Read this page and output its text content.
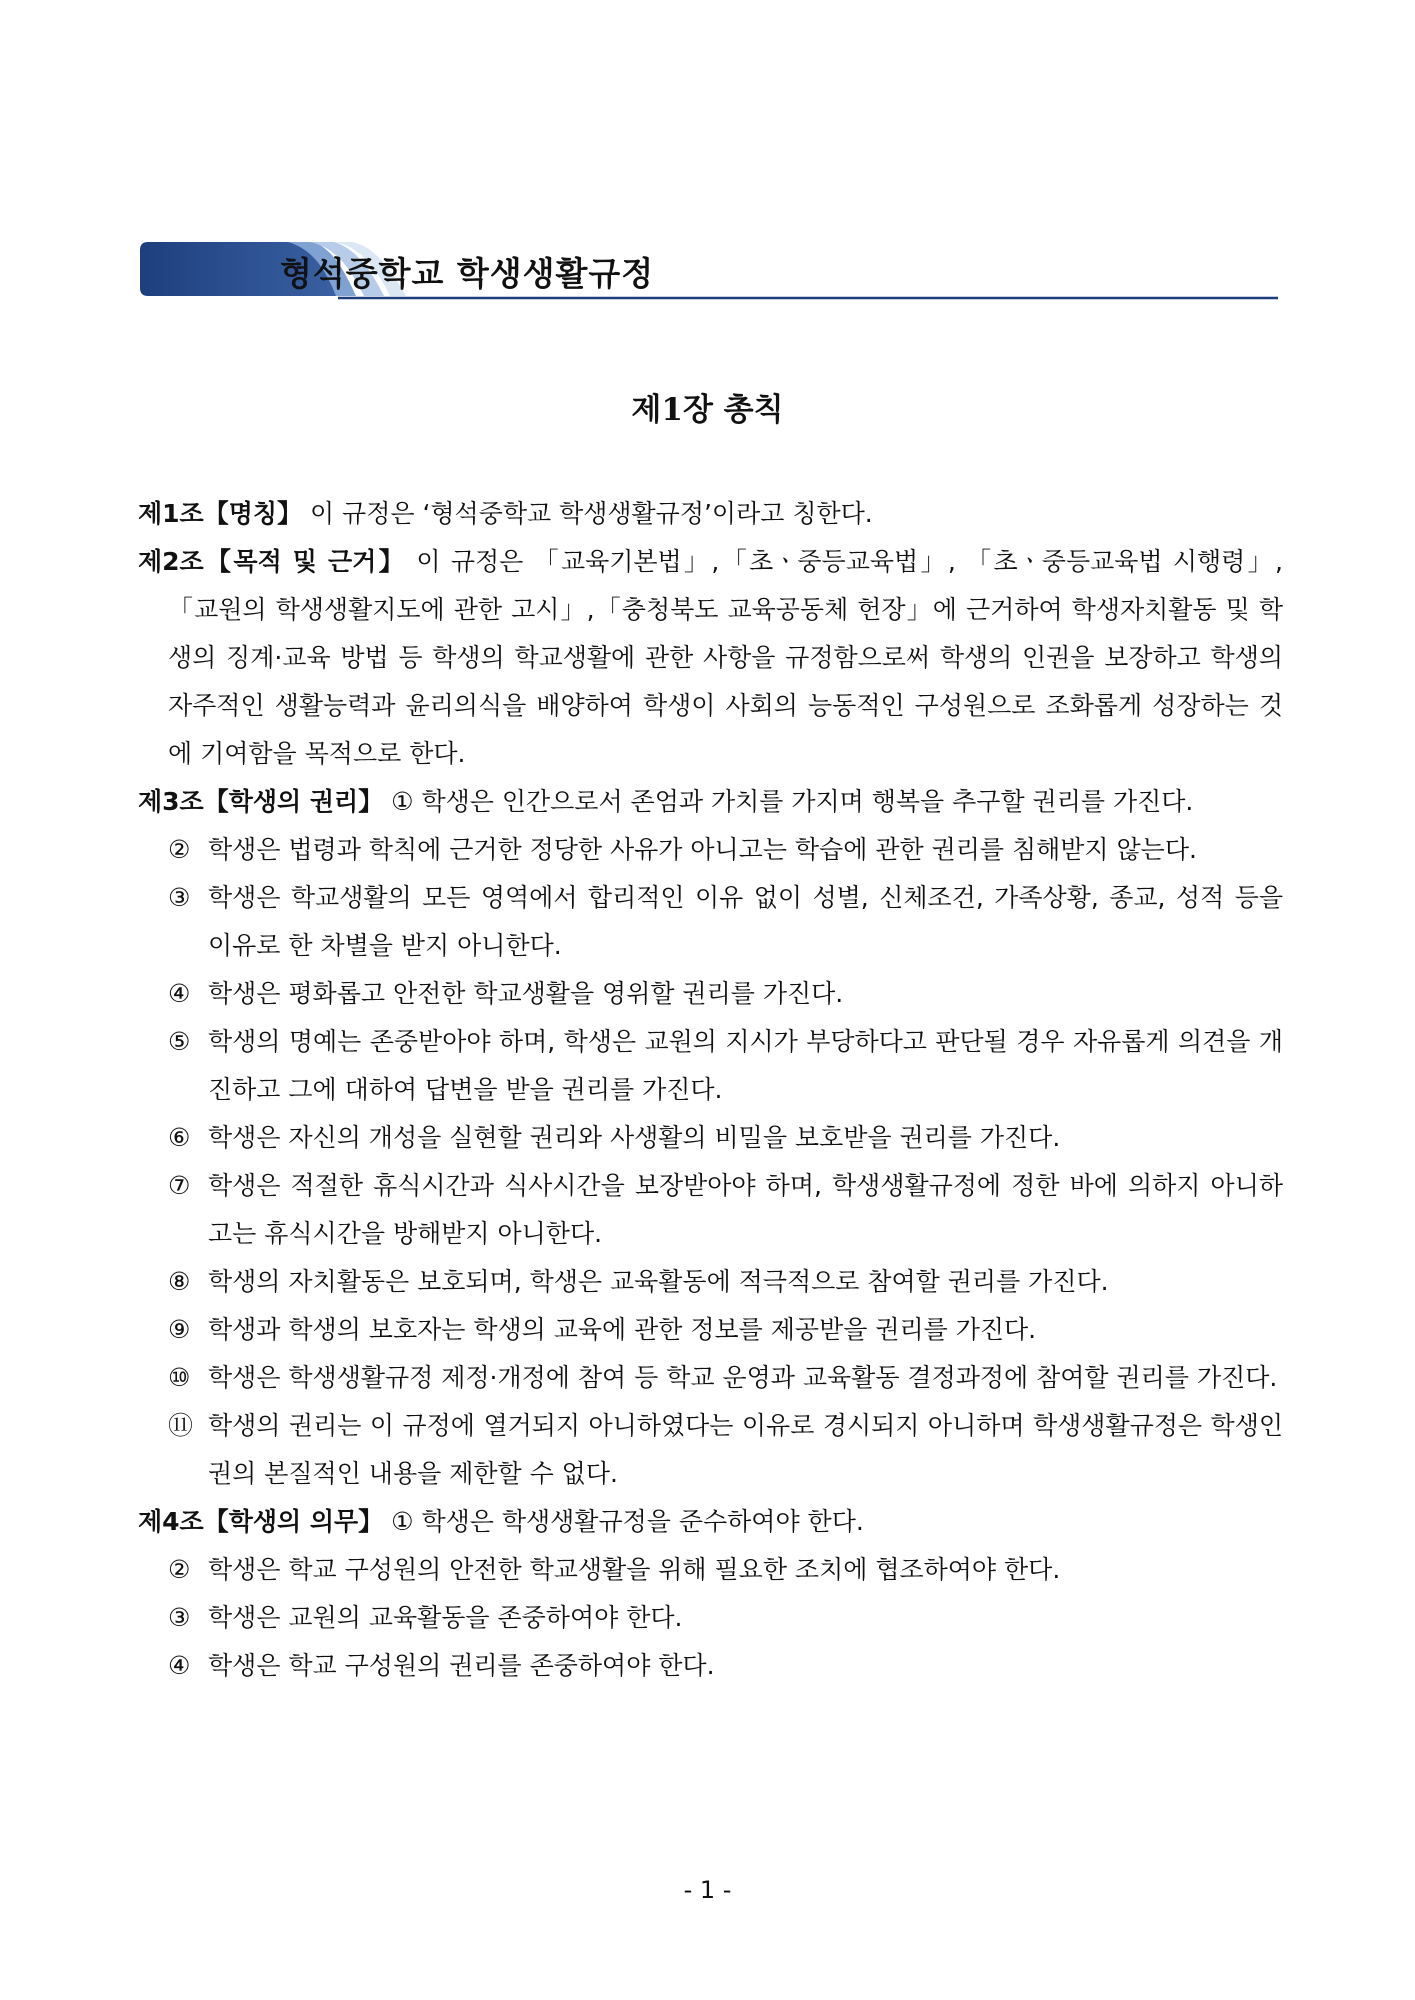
형석중학교 학생생활규정
제1장 총칙

제1조【명칭】 이 규정은 ‘형석중학교 학생생활규정’이라고 칭한다.

제2조【목적 및 근거】 이 규정은 「교육기본법」,「초ㆍ중등교육법」, 「초ㆍ중등교육법 시행령」, 「교원의 학생생활지도에 관한 고시」,「충청북도 교육공동체 헌장」에 근거하여 학생자치활동 및 학생의 징계·교육 방법 등 학생의 학교생활에 관한 사항을 규정함으로써 학생의 인권을 보장하고 학생의 자주적인 생활능력과 윤리의식을 배양하여 학생이 사회의 능동적인 구성원으로 조화롭게 성장하는 것에 기여함을 목적으로 한다.

제3조【학생의 권리】 ① 학생은 인간으로서 존엄과 가치를 가지며 행복을 추구할 권리를 가진다.

② 학생은 법령과 학칙에 근거한 정당한 사유가 아니고는 학습에 관한 권리를 침해받지 않는다.

③ 학생은 학교생활의 모든 영역에서 합리적인 이유 없이 성별, 신체조건, 가족상황, 종교, 성적 등을 이유로 한 차별을 받지 아니한다.

④ 학생은 평화롭고 안전한 학교생활을 영위할 권리를 가진다.

⑤ 학생의 명예는 존중받아야 하며, 학생은 교원의 지시가 부당하다고 판단될 경우 자유롭게 의견을 개진하고 그에 대하여 답변을 받을 권리를 가진다.

⑥ 학생은 자신의 개성을 실현할 권리와 사생활의 비밀을 보호받을 권리를 가진다.

⑦ 학생은 적절한 휴식시간과 식사시간을 보장받아야 하며, 학생생활규정에 정한 바에 의하지 아니하고는 휴식시간을 방해받지 아니한다.

⑧ 학생의 자치활동은 보호되며, 학생은 교육활동에 적극적으로 참여할 권리를 가진다.

⑨ 학생과 학생의 보호자는 학생의 교육에 관한 정보를 제공받을 권리를 가진다.

⑩ 학생은 학생생활규정 제정·개정에 참여 등 학교 운영과 교육활동 결정과정에 참여할 권리를 가진다.

⑪ 학생의 권리는 이 규정에 열거되지 아니하였다는 이유로 경시되지 아니하며 학생생활규정은 학생인권의 본질적인 내용을 제한할 수 없다.

제4조【학생의 의무】 ① 학생은 학생생활규정을 준수하여야 한다.

② 학생은 학교 구성원의 안전한 학교생활을 위해 필요한 조치에 협조하여야 한다.

③ 학생은 교원의 교육활동을 존중하여야 한다.

④ 학생은 학교 구성원의 권리를 존중하여야 한다.

- 1 -
